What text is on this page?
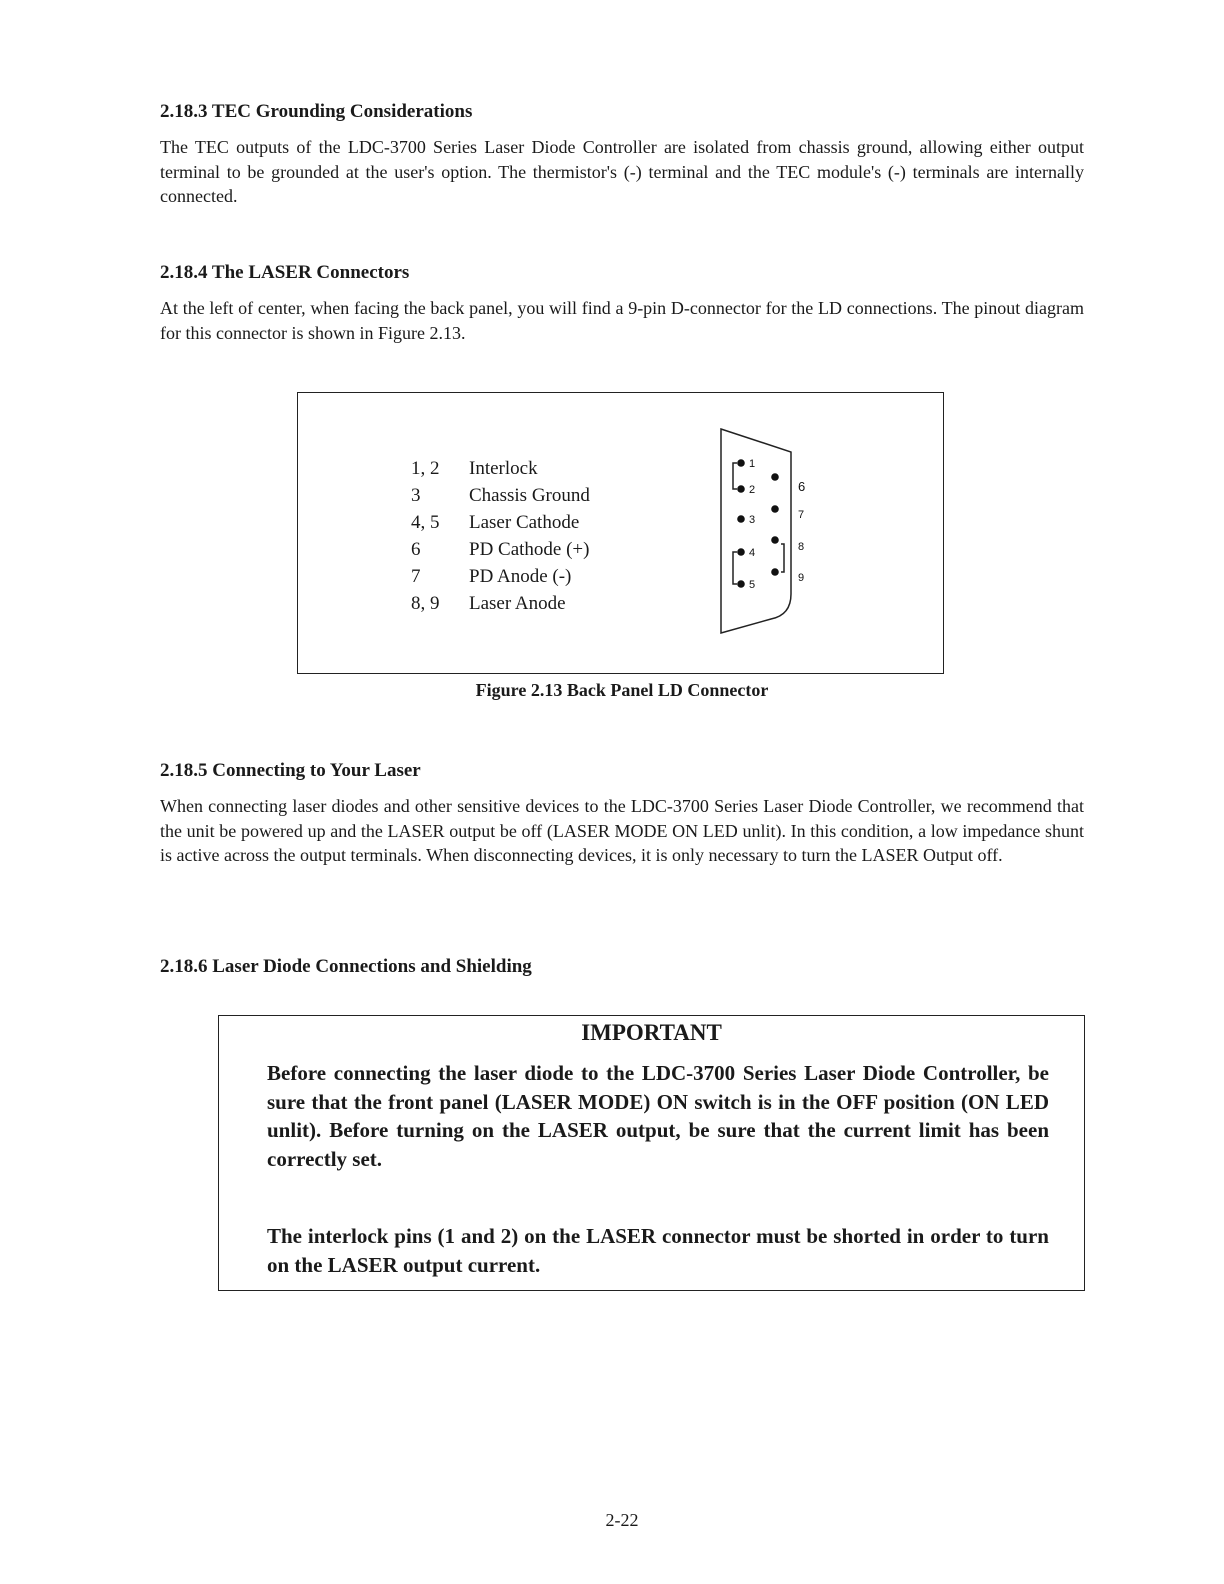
2.18.3 TEC Grounding Considerations
The TEC outputs of the LDC-3700 Series Laser Diode Controller are isolated from chassis ground, allowing either output terminal to be grounded at the user's option. The thermistor's (-) terminal and the TEC module's (-) terminals are internally connected.
2.18.4 The LASER Connectors
At the left of center, when facing the back panel, you will find a 9-pin D-connector for the LD connections. The pinout diagram for this connector is shown in Figure 2.13.
1, 2	Interlock
3	Chassis Ground
4, 5	Laser Cathode
6	PD Cathode (+)
7	PD Anode (-)
8, 9	Laser Anode
1
2
3
4
5
6
7
8
9
Figure 2.13 Back Panel LD Connector
2.18.5 Connecting to Your Laser
When connecting laser diodes and other sensitive devices to the LDC-3700 Series Laser Diode Controller, we recommend that the unit be powered up and the LASER output be off (LASER MODE ON LED unlit). In this condition, a low impedance shunt is active across the output terminals. When disconnecting devices, it is only necessary to turn the LASER Output off.
2.18.6 Laser Diode Connections and Shielding
IMPORTANT
Before connecting the laser diode to the LDC-3700 Series Laser Diode Controller, be sure that the front panel (LASER MODE) ON switch is in the OFF position (ON LED unlit). Before turning on the LASER output, be sure that the current limit has been correctly set.
The interlock pins (1 and 2) on the LASER connector must be shorted in order to turn on the LASER output current.
2-22
